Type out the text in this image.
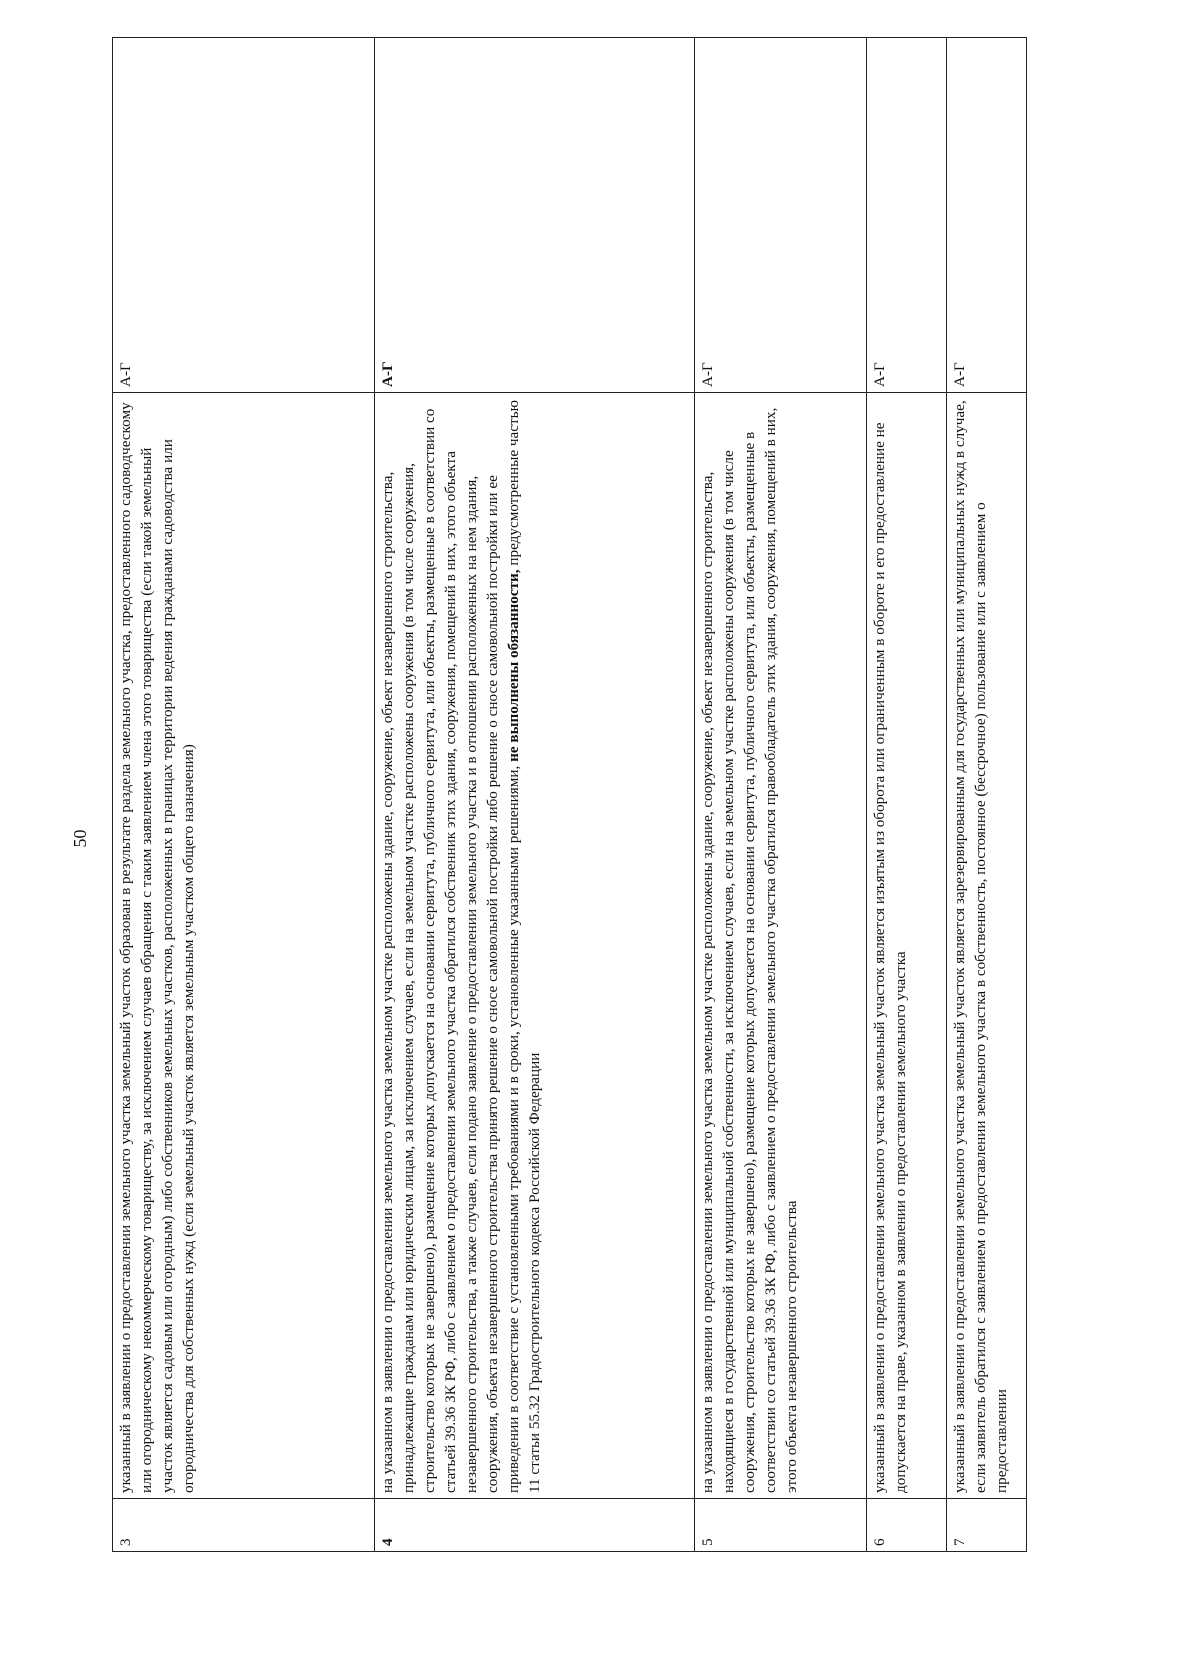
50
3	указанный в заявлении о предоставлении земельного участка земельный участок образован в результате раздела земельного участка, предоставленного садоводческому или огородническому некоммерческому товариществу, за исключением случаев обращения с таким заявлением члена этого товарищества (если такой земельный участок является садовым или огородным) либо собственников земельных участков, расположенных в границах территории ведения гражданами садоводства или огородничества для собственных нужд (если земельный участок является земельным участком общего назначения)	А-Г
4	на указанном в заявлении о предоставлении земельного участка земельном участке расположены здание, сооружение, объект незавершенного строительства, принадлежащие гражданам или юридическим лицам, за исключением случаев, если на земельном участке расположены сооружения (в том числе сооружения, строительство которых не завершено), размещение которых допускается на основании сервитута, публичного сервитута, или объекты, размещенные в соответствии со статьей 39.36 ЗК РФ, либо с заявлением о предоставлении земельного участка обратился собственник этих здания, сооружения, помещений в них, этого объекта незавершенного строительства, а также случаев, если подано заявление о предоставлении земельного участка и в отношении расположенных на нем здания, сооружения, объекта незавершенного строительства принято решение о сносе самовольной постройки либо решение о сносе самовольной постройки или ее приведении в соответствие с установленными требованиями и в сроки, установленные указанными решениями, не выполнены обязанности, предусмотренные частью 11 статьи 55.32 Градостроительного кодекса Российской Федерации	А-Г
5	на указанном в заявлении о предоставлении земельного участка земельном участке расположены здание, сооружение, объект незавершенного строительства, находящиеся в государственной или муниципальной собственности, за исключением случаев, если на земельном участке расположены сооружения (в том числе сооружения, строительство которых не завершено), размещение которых допускается на основании сервитута, публичного сервитута, или объекты, размещенные в соответствии со статьей 39.36 ЗК РФ, либо с заявлением о предоставлении земельного участка обратился правообладатель этих здания, сооружения, помещений в них, этого объекта незавершенного строительства	А-Г
6	указанный в заявлении о предоставлении земельного участка земельный участок является изъятым из оборота или ограниченным в обороте и его предоставление не допускается на праве, указанном в заявлении о предоставлении земельного участка	А-Г
7	указанный в заявлении о предоставлении земельного участка земельный участок является зарезервированным для государственных или муниципальных нужд в случае, если заявитель обратился с заявлением о предоставлении земельного участка в собственность, постоянное (бессрочное) пользование или с заявлением о предоставлении	А-Г
